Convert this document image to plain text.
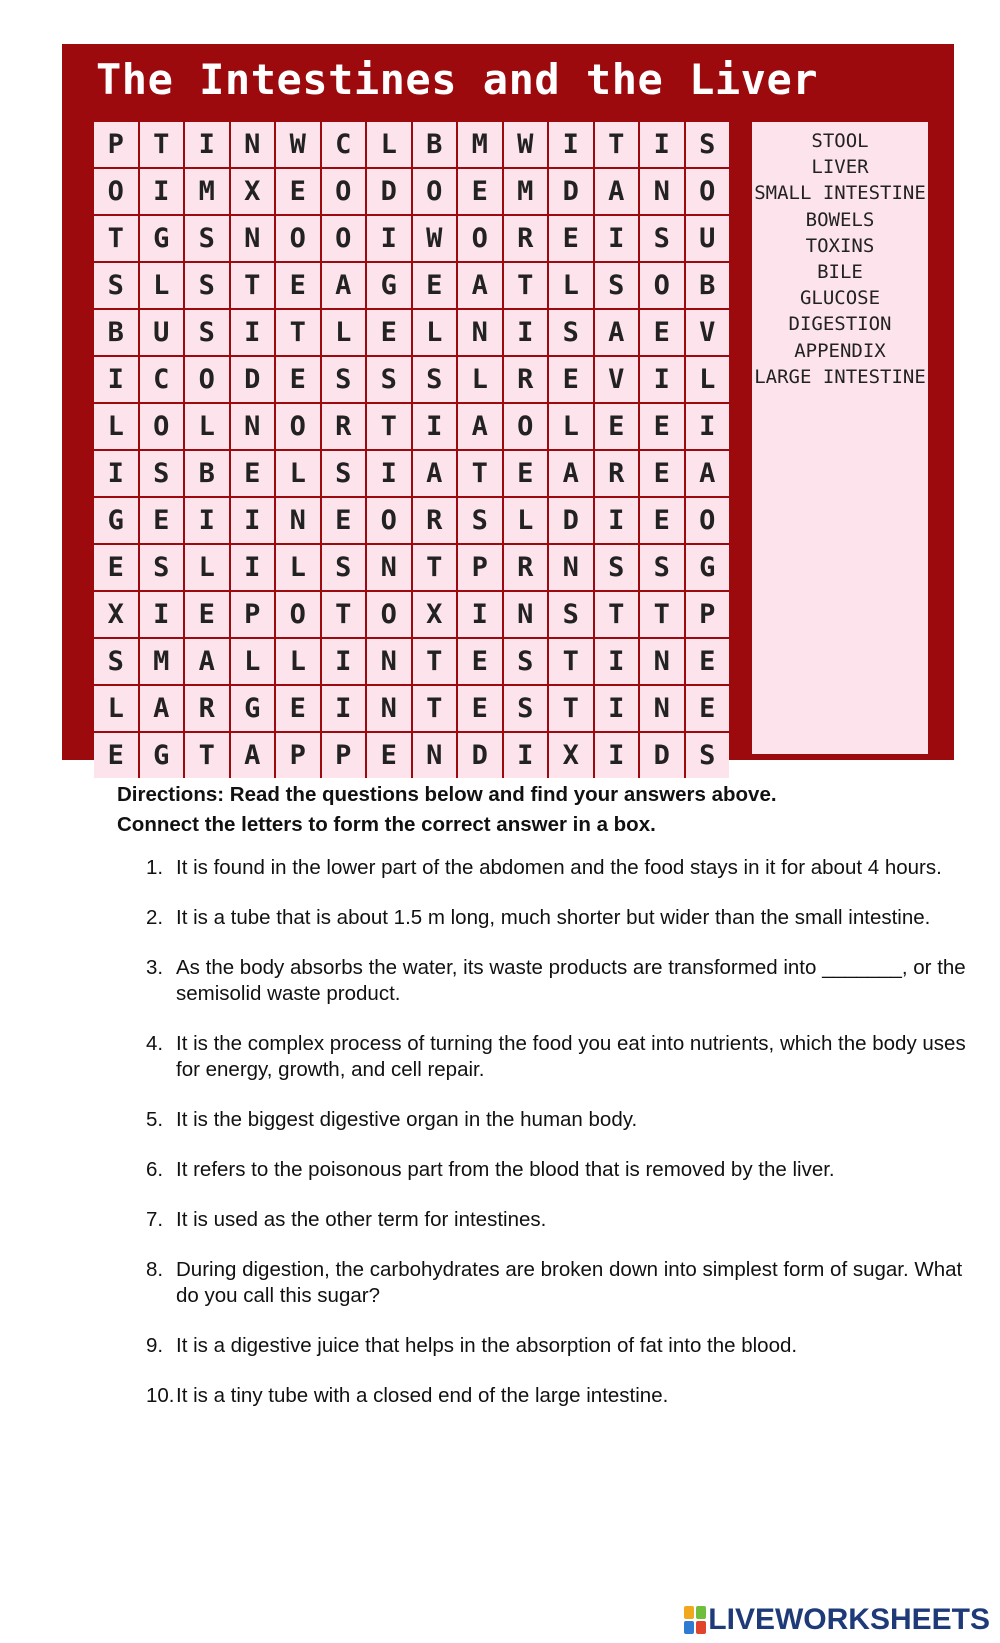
The Intestines and the Liver
P	T	I	N	W	C	L	B	M	W	I	T	I	S
O	I	M	X	E	O	D	O	E	M	D	A	N	O
T	G	S	N	O	O	I	W	O	R	E	I	S	U
S	L	S	T	E	A	G	E	A	T	L	S	O	B
B	U	S	I	T	L	E	L	N	I	S	A	E	V
I	C	O	D	E	S	S	S	L	R	E	V	I	L
L	O	L	N	O	R	T	I	A	O	L	E	E	I
I	S	B	E	L	S	I	A	T	E	A	R	E	A
G	E	I	I	N	E	O	R	S	L	D	I	E	O
E	S	L	I	L	S	N	T	P	R	N	S	S	G
X	I	E	P	O	T	O	X	I	N	S	T	T	P
S	M	A	L	L	I	N	T	E	S	T	I	N	E
L	A	R	G	E	I	N	T	E	S	T	I	N	E
E	G	T	A	P	P	E	N	D	I	X	I	D	S
STOOL
LIVER
SMALL INTESTINE
BOWELS
TOXINS
BILE
GLUCOSE
DIGESTION
APPENDIX
LARGE INTESTINE
Directions: Read the questions below and find your answers above.
Connect the letters to form the correct answer in a box.
1. It is found in the lower part of the abdomen and the food stays in it for about 4 hours.
2. It is a tube that is about 1.5 m long, much shorter but wider than the small intestine.
3. As the body absorbs the water, its waste products are transformed into _______, or the semisolid waste product.
4. It is the complex process of turning the food you eat into nutrients, which the body uses for energy, growth, and cell repair.
5. It is the biggest digestive organ in the human body.
6. It refers to the poisonous part from the blood that is removed by the liver.
7. It is used as the other term for intestines.
8. During digestion, the carbohydrates are broken down into simplest form of sugar. What do you call this sugar?
9. It is a digestive juice that helps in the absorption of fat into the blood.
10. It is a tiny tube with a closed end of the large intestine.
LIVEWORKSHEETS
